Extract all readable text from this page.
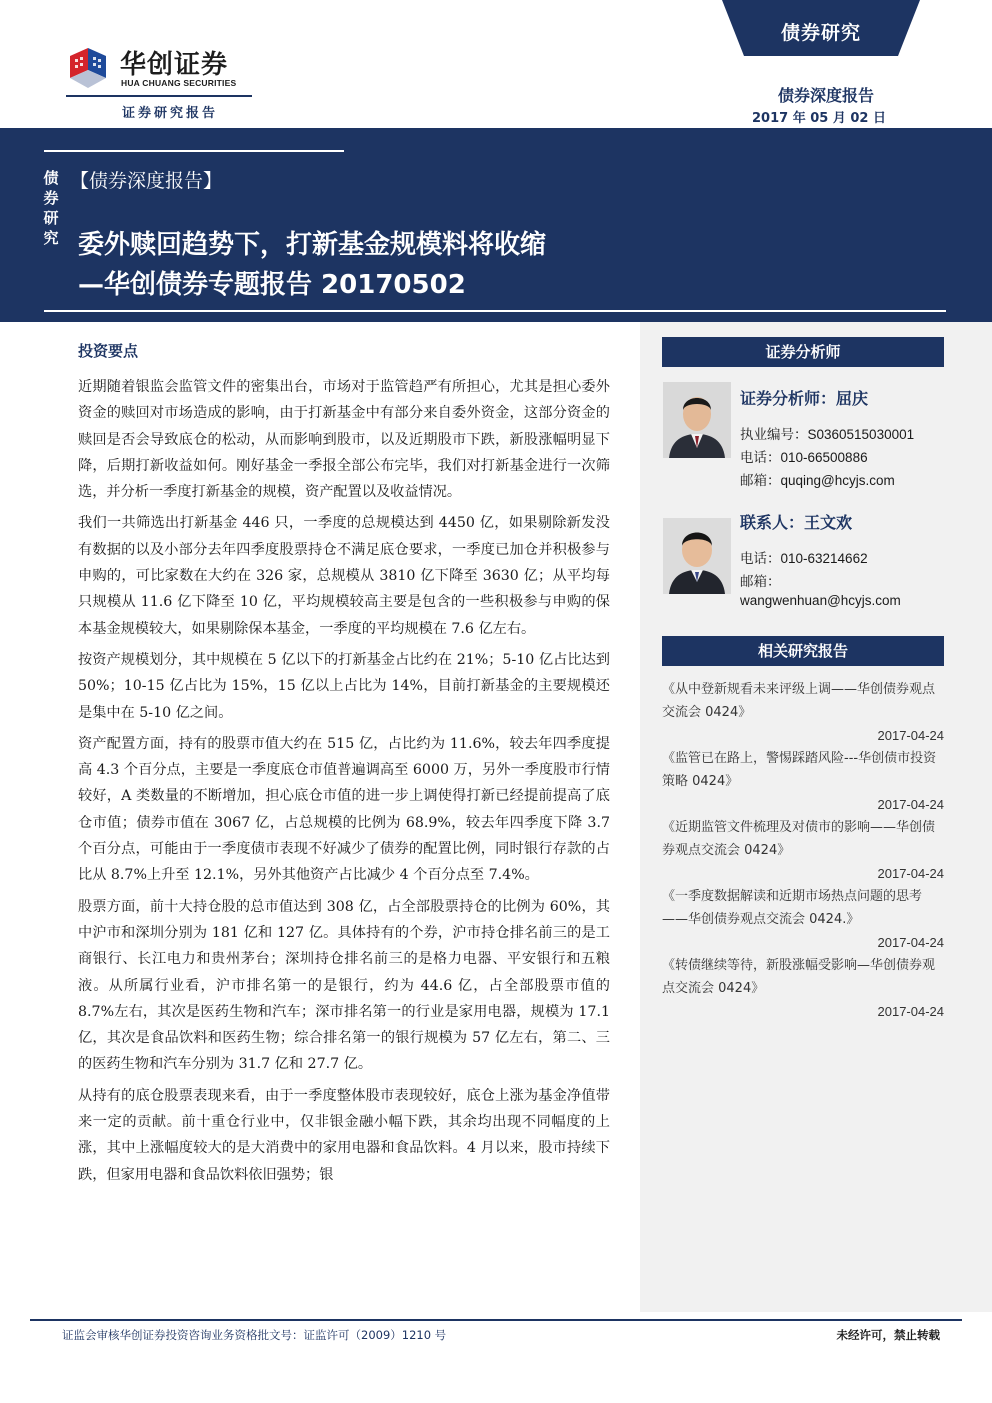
华创证券
HUA CHUANG SECURITIES
证券研究报告
债券研究
债券深度报告
2017 年 05 月 02 日
债券研究
【债券深度报告】
委外赎回趋势下，打新基金规模料将收缩
—华创债券专题报告 20170502
投资要点

近期随着银监会监管文件的密集出台，市场对于监管趋严有所担心，尤其是担心委外资金的赎回对市场造成的影响，由于打新基金中有部分来自委外资金，这部分资金的赎回是否会导致底仓的松动，从而影响到股市，以及近期股市下跌，新股涨幅明显下降，后期打新收益如何。刚好基金一季报全部公布完毕，我们对打新基金进行一次筛选，并分析一季度打新基金的规模，资产配置以及收益情况。

我们一共筛选出打新基金 446 只，一季度的总规模达到 4450 亿，如果剔除新发没有数据的以及小部分去年四季度股票持仓不满足底仓要求，一季度已加仓并积极参与申购的，可比家数在大约在 326 家，总规模从 3810 亿下降至 3630 亿；从平均每只规模从 11.6 亿下降至 10 亿，平均规模较高主要是包含的一些积极参与申购的保本基金规模较大，如果剔除保本基金，一季度的平均规模在 7.6 亿左右。

按资产规模划分，其中规模在 5 亿以下的打新基金占比约在 21%；5-10 亿占比达到 50%；10-15 亿占比为 15%，15 亿以上占比为 14%，目前打新基金的主要规模还是集中在 5-10 亿之间。

资产配置方面，持有的股票市值大约在 515 亿，占比约为 11.6%，较去年四季度提高 4.3 个百分点，主要是一季度底仓市值普遍调高至 6000 万，另外一季度股市行情较好，A 类数量的不断增加，担心底仓市值的进一步上调使得打新已经提前提高了底仓市值；债券市值在 3067 亿，占总规模的比例为 68.9%，较去年四季度下降 3.7 个百分点，可能由于一季度债市表现不好减少了债券的配置比例，同时银行存款的占比从 8.7%上升至 12.1%，另外其他资产占比减少 4 个百分点至 7.4%。

股票方面，前十大持仓股的总市值达到 308 亿，占全部股票持仓的比例为 60%，其中沪市和深圳分别为 181 亿和 127 亿。具体持有的个券，沪市持仓排名前三的是工商银行、长江电力和贵州茅台；深圳持仓排名前三的是格力电器、平安银行和五粮液。从所属行业看，沪市排名第一的是银行，约为 44.6 亿，占全部股票市值的 8.7%左右，其次是医药生物和汽车；深市排名第一的行业是家用电器，规模为 17.1 亿，其次是食品饮料和医药生物；综合排名第一的银行规模为 57 亿左右，第二、三的医药生物和汽车分别为 31.7 亿和 27.7 亿。

从持有的底仓股票表现来看，由于一季度整体股市表现较好，底仓上涨为基金净值带来一定的贡献。前十重仓行业中，仅非银金融小幅下跌，其余均出现不同幅度的上涨，其中上涨幅度较大的是大消费中的家用电器和食品饮料。4 月以来，股市持续下跌，但家用电器和食品饮料依旧强势；银

证券分析师
证券分析师：屈庆
执业编号：S0360515030001
电话：010-66500886
邮箱：quqing@hcyjs.com
联系人：王文欢
电话：010-63214662
邮箱：
wangwenhuan@hcyjs.com
相关研究报告
《从中登新规看未来评级上调——华创债券观点交流会 0424》
2017-04-24
《监管已在路上，警惕踩踏风险---华创债市投资策略 0424》
2017-04-24
《近期监管文件梳理及对债市的影响——华创债券观点交流会 0424》
2017-04-24
《一季度数据解读和近期市场热点问题的思考——华创债券观点交流会 0424.》
2017-04-24
《转债继续等待，新股涨幅受影响—华创债券观点交流会 0424》
2017-04-24
证监会审核华创证券投资咨询业务资格批文号：证监许可（2009）1210 号	未经许可，禁止转载
